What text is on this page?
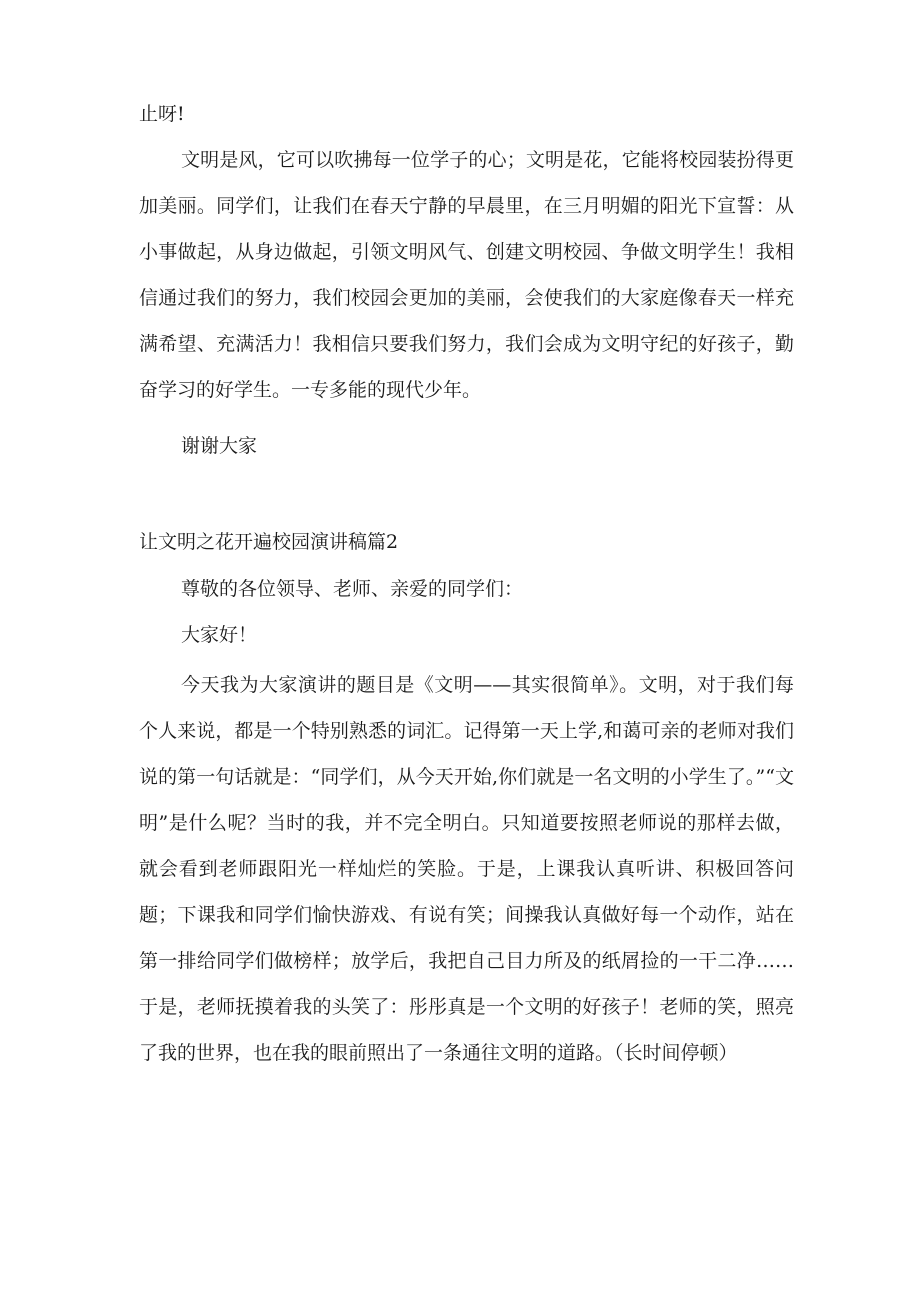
止呀!

文明是风，它可以吹拂每一位学子的心；文明是花，它能将校园装扮得更加美丽。同学们，让我们在春天宁静的早晨里，在三月明媚的阳光下宣誓：从小事做起，从身边做起，引领文明风气、创建文明校园、争做文明学生！我相信通过我们的努力，我们校园会更加的美丽，会使我们的大家庭像春天一样充满希望、充满活力！我相信只要我们努力，我们会成为文明守纪的好孩子，勤奋学习的好学生。一专多能的现代少年。

谢谢大家

让文明之花开遍校园演讲稿篇2

尊敬的各位领导、老师、亲爱的同学们：

大家好！

今天我为大家演讲的题目是《文明——其实很简单》。文明，对于我们每个人来说，都是一个特别熟悉的词汇。记得第一天上学,和蔼可亲的老师对我们说的第一句话就是：“同学们，从今天开始,你们就是一名文明的小学生了。”“文明”是什么呢？当时的我，并不完全明白。只知道要按照老师说的那样去做，就会看到老师跟阳光一样灿烂的笑脸。于是，上课我认真听讲、积极回答问题；下课我和同学们愉快游戏、有说有笑；间操我认真做好每一个动作，站在第一排给同学们做榜样；放学后，我把自己目力所及的纸屑捡的一干二净……于是，老师抚摸着我的头笑了：彤彤真是一个文明的好孩子！老师的笑，照亮了我的世界，也在我的眼前照出了一条通往文明的道路。（长时间停顿）
